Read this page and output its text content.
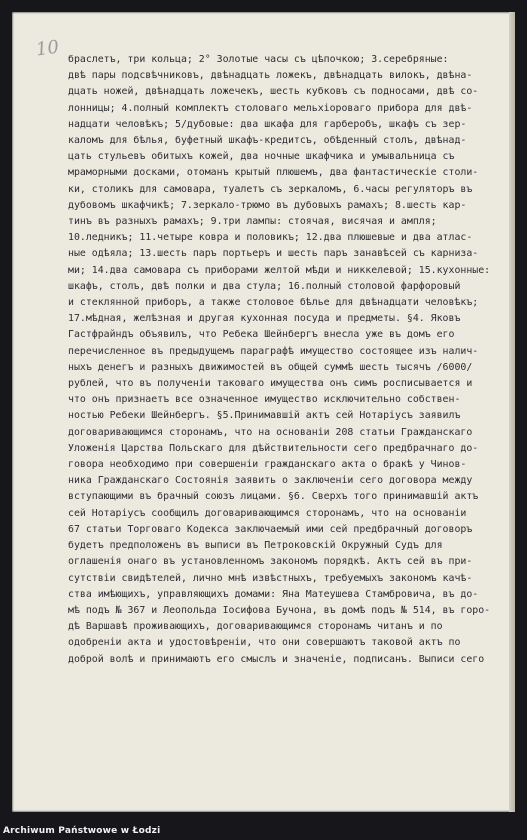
10 браслетъ, три кольца; 2° Золотые часы съ цѣпочкою; 3.серебряные:
двѣ пары подсвѣчниковъ, двѣнадцать ложекъ, двѣнадцать вилокъ, двѣна-
дцать ножей, двѣнадцать ложечекъ, шесть кубковъ съ подносами, двѣ со-
лонницы; 4.полный комплектъ столоваго мельхiороваго прибора для двѣ-
надцати человѣкъ; 5/дубовые: два шкафа для гарберобъ, шкафъ съ зер-
каломъ для бѣлья, буфетный шкафъ-кредитсъ, обѣденный столъ, двѣнад-
цать стульевъ обитыхъ кожей, два ночные шкафчика и умывальница съ
мраморными досками, отоманъ крытый плюшемъ, два фантастическiе столи-
ки, столикъ для самовара, туалетъ съ зеркаломъ, 6.часы регуляторъ въ
дубовомъ шкафчикѣ; 7.зеркало-трюмо въ дубовыхъ рамахъ; 8.шесть кар-
тинъ въ разныхъ рамахъ; 9.три лампы: стоячая, висячая и ампля;
10.ледникъ; 11.четыре ковра и половикъ; 12.два плюшевые и два атлас-
ные одѣяла; 13.шесть паръ портьеръ и шесть паръ занавѣсей съ карниза-
ми; 14.два самовара съ приборами желтой мѣди и никкелевой; 15.кухонные:
шкафъ, столъ, двѣ полки и два стула; 16.полный столовой фарфоровый
и стеклянной приборъ, а также столовое бѣлье для двѣнадцати человѣкъ;
17.мѣдная, желѣзная и другая кухонная посуда и предметы. §4. Яковъ
Гастфрайндъ объявилъ, что Ребека Шейнбергъ внесла уже въ домъ его
перечисленное въ предыдущемъ параграфѣ имущество состоящее изъ налич-
ныхъ денегъ и разныхъ движимостей въ общей суммѣ шесть тысячъ /6000/
рублей, что въ полученiи таковаго имущества онъ симъ росписывается и
что онъ признаетъ все означенное имущество исключительно собствен-
ностью Ребеки Шейнбергъ. §5.Принимавшiй актъ сей Нотарiусъ заявилъ
договаривающимся сторонамъ, что на основанiи 208 статьи Гражданскаго
Уложенiя Царства Польскаго для дѣйствительности сего предбрачнаго до-
говора необходимо при совершенiи гражданскаго акта о бракѣ у Чинов-
ника Гражданскаго Состоянiя заявить о заключенiи сего договора между
вступающими въ брачный союзъ лицами. §6. Сверхъ того принимавшiй актъ
сей Нотарiусъ сообщилъ договаривающимся сторонамъ, что на основанiи
67 статьи Торговаго Кодекса заключаемый ими сей предбрачный договоръ
будетъ предположенъ въ выписи въ Петроковскiй Окружный Судъ для
оглашенiя онаго въ установленномъ закономъ порядкѣ. Актъ сей въ при-
сутствiи свидѣтелей, лично мнѣ извѣстныхъ, требуемыхъ закономъ качѣ-
ства имѣющихъ, управляющихъ домами: Яна Матеушева Стамбровича, въ до-
мѣ подъ № 367 и Леопольда Iосифова Бучона, въ домѣ подъ № 514, въ горо-
дѣ Варшавѣ проживающихъ, договаривающимся сторонамъ читанъ и по
одобренiи акта и удостовѣренiи, что они совершаютъ таковой актъ по
доброй волѣ и принимаютъ его смыслъ и значенiе, подписанъ. Выписи сего
Archiwum Państwowe w Łodzi
